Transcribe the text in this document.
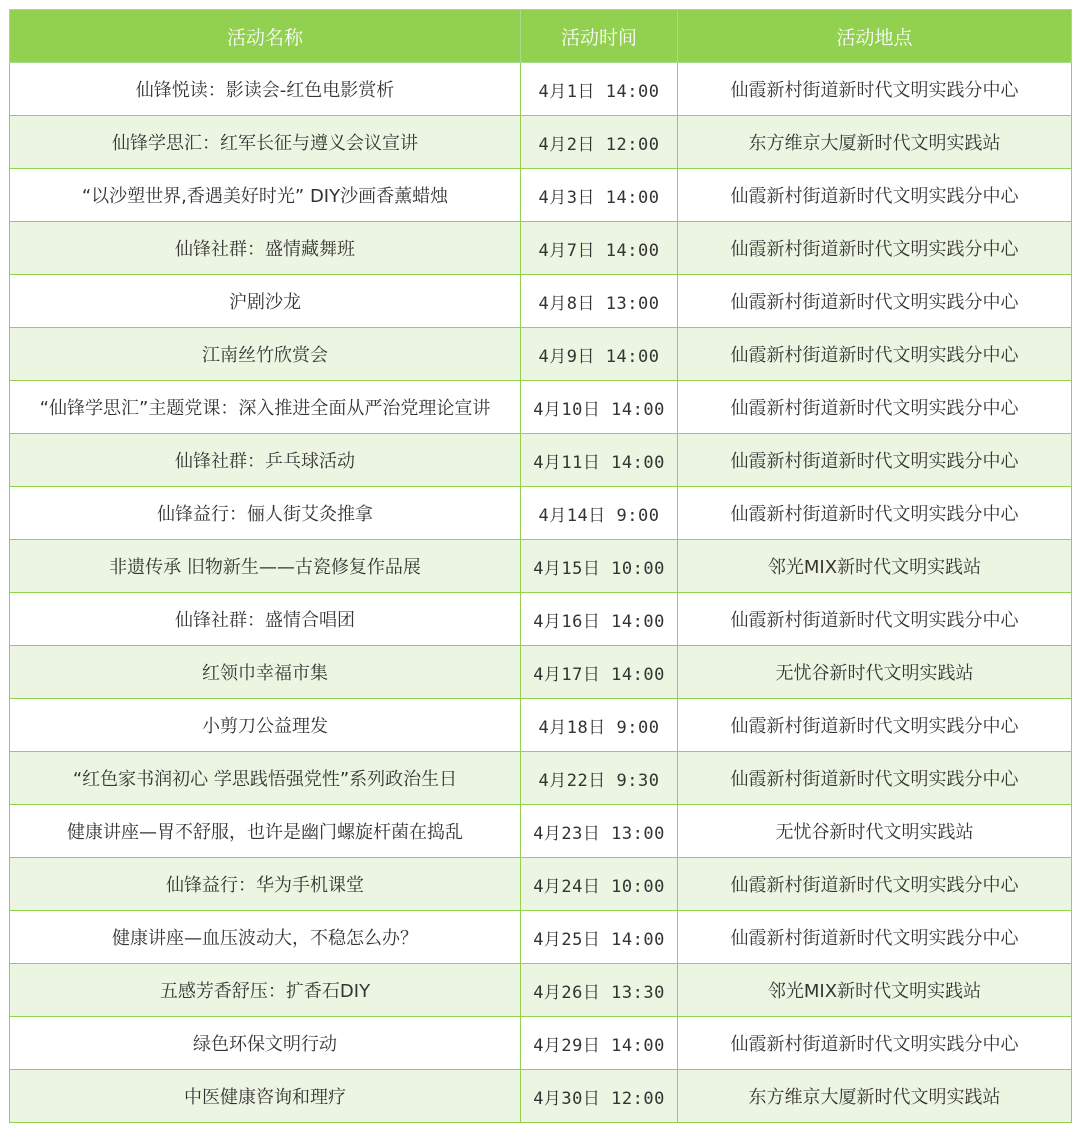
活动名称	活动时间	活动地点
仙锋悦读：影读会-红色电影赏析	4月1日 14:00	仙霞新村街道新时代文明实践分中心
仙锋学思汇：红军长征与遵义会议宣讲	4月2日 12:00	东方维京大厦新时代文明实践站
“以沙塑世界,香遇美好时光” DIY沙画香薰蜡烛	4月3日 14:00	仙霞新村街道新时代文明实践分中心
仙锋社群：盛情藏舞班	4月7日 14:00	仙霞新村街道新时代文明实践分中心
沪剧沙龙	4月8日 13:00	仙霞新村街道新时代文明实践分中心
江南丝竹欣赏会	4月9日 14:00	仙霞新村街道新时代文明实践分中心
“仙锋学思汇”主题党课：深入推进全面从严治党理论宣讲	4月10日 14:00	仙霞新村街道新时代文明实践分中心
仙锋社群：乒乓球活动	4月11日 14:00	仙霞新村街道新时代文明实践分中心
仙锋益行：俪人街艾灸推拿	4月14日 9:00	仙霞新村街道新时代文明实践分中心
非遗传承 旧物新生——古瓷修复作品展	4月15日 10:00	邻光MIX新时代文明实践站
仙锋社群：盛情合唱团	4月16日 14:00	仙霞新村街道新时代文明实践分中心
红领巾幸福市集	4月17日 14:00	无忧谷新时代文明实践站
小剪刀公益理发	4月18日 9:00	仙霞新村街道新时代文明实践分中心
“红色家书润初心 学思践悟强党性”系列政治生日	4月22日 9:30	仙霞新村街道新时代文明实践分中心
健康讲座—胃不舒服，也许是幽门螺旋杆菌在捣乱	4月23日 13:00	无忧谷新时代文明实践站
仙锋益行：华为手机课堂	4月24日 10:00	仙霞新村街道新时代文明实践分中心
健康讲座—血压波动大，不稳怎么办？	4月25日 14:00	仙霞新村街道新时代文明实践分中心
五感芳香舒压：扩香石DIY	4月26日 13:30	邻光MIX新时代文明实践站
绿色环保文明行动	4月29日 14:00	仙霞新村街道新时代文明实践分中心
中医健康咨询和理疗	4月30日 12:00	东方维京大厦新时代文明实践站
